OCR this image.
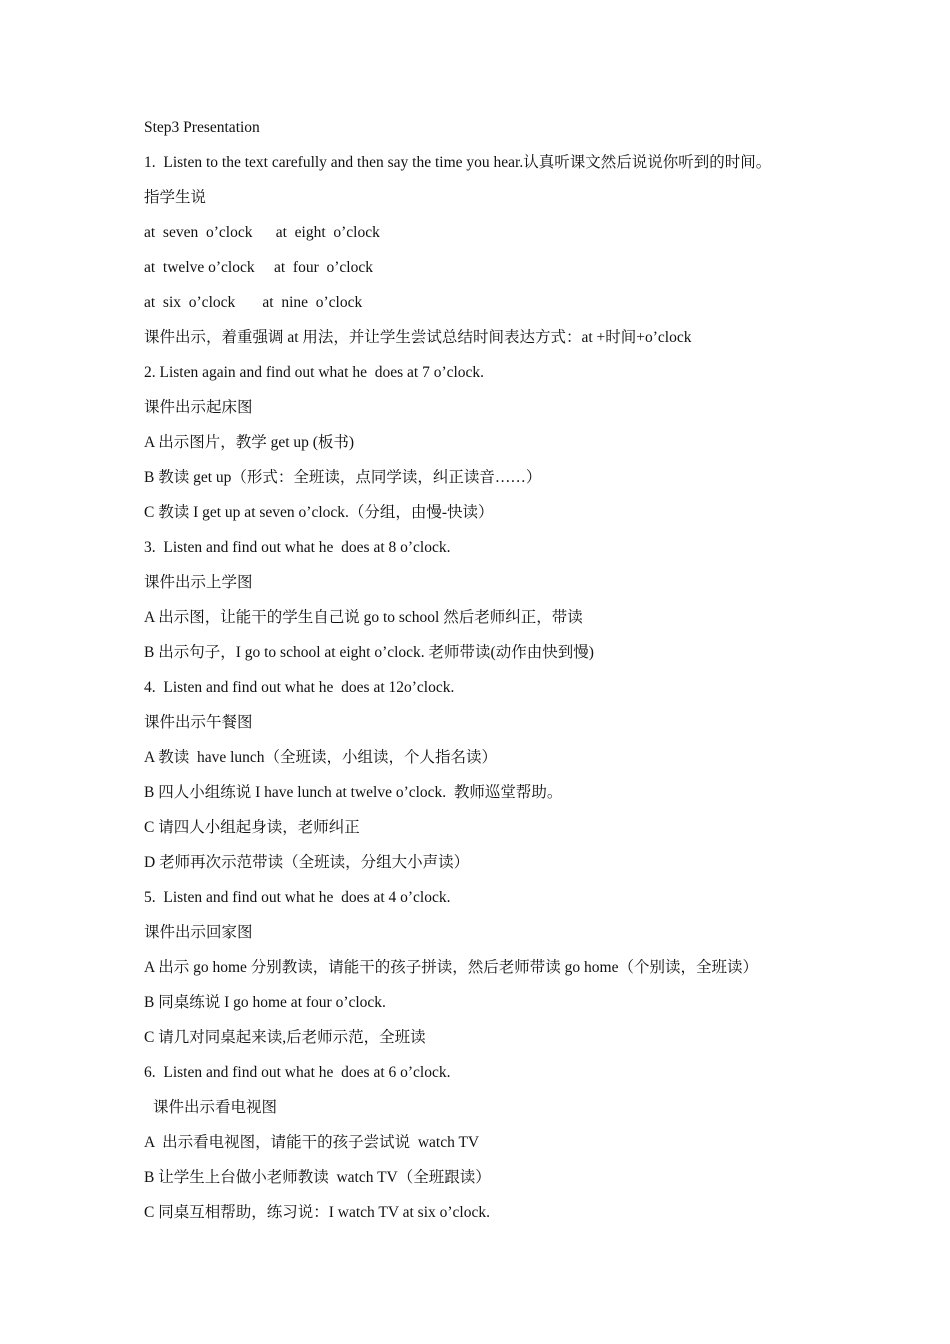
Step3 Presentation
1.  Listen to the text carefully and then say the time you hear.认真听课文然后说说你听到的时间。
指学生说
at  seven  o’clock      at  eight  o’clock
at  twelve o’clock     at  four  o’clock
at  six  o’clock       at  nine  o’clock
课件出示，着重强调 at 用法，并让学生尝试总结时间表达方式：at +时间+o’clock
2. Listen again and find out what he  does at 7 o’clock.
课件出示起床图
A 出示图片，教学 get up (板书)
B 教读 get up（形式：全班读，点同学读，纠正读音……）
C 教读 I get up at seven o’clock.（分组，由慢-快读）
3.  Listen and find out what he  does at 8 o’clock.
课件出示上学图
A 出示图，让能干的学生自己说 go to school 然后老师纠正，带读
B 出示句子，I go to school at eight o’clock. 老师带读(动作由快到慢)
4.  Listen and find out what he  does at 12o’clock.
课件出示午餐图
A 教读  have lunch（全班读，小组读，个人指名读）
B 四人小组练说 I have lunch at twelve o’clock.  教师巡堂帮助。
C 请四人小组起身读，老师纠正
D 老师再次示范带读（全班读，分组大小声读）
5.  Listen and find out what he  does at 4 o’clock.
课件出示回家图
A 出示 go home 分别教读，请能干的孩子拼读，然后老师带读 go home（个别读，全班读）
B 同桌练说 I go home at four o’clock.
C 请几对同桌起来读,后老师示范，全班读
6.  Listen and find out what he  does at 6 o’clock.
课件出示看电视图
A  出示看电视图，请能干的孩子尝试说  watch TV
B 让学生上台做小老师教读  watch TV（全班跟读）
C 同桌互相帮助，练习说：I watch TV at six o’clock.
